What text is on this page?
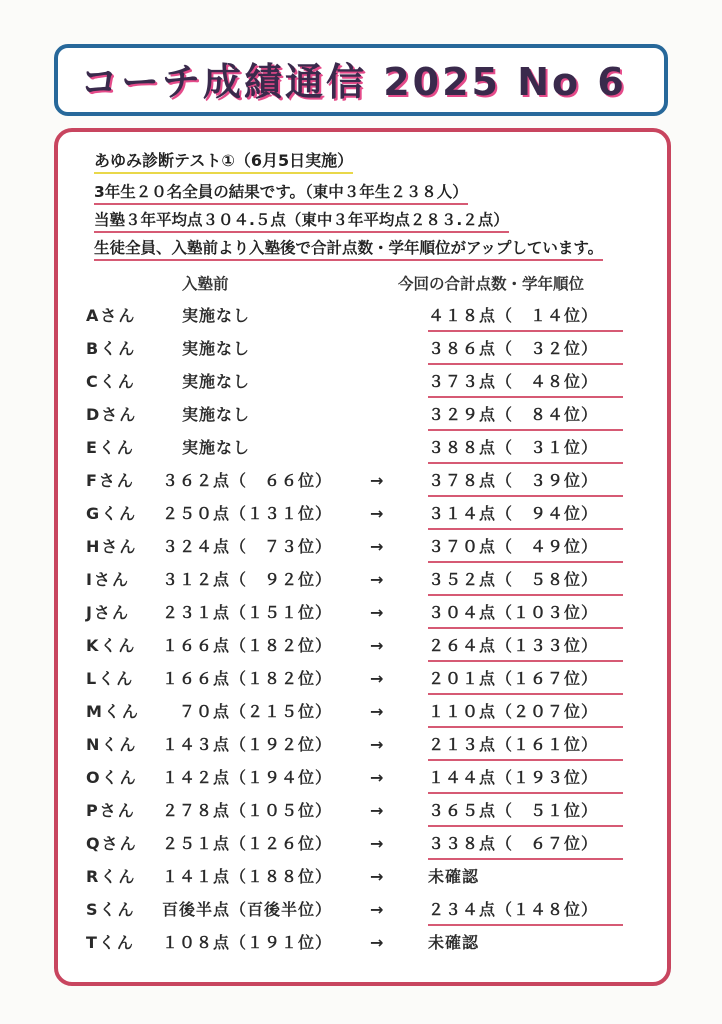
コーチ成績通信 2025 No 6
あゆみ診断テスト①（6月5日実施）
3年生２０名全員の結果です。（東中３年生２３８人）
当塾３年平均点３０４.５点（東中３年平均点２８３.２点）
生徒全員、入塾前より入塾後で合計点数・学年順位がアップしています。
入塾前	今回の合計点数・学年順位
Aさん	実施なし	４１８点（　１４位）
Bくん	実施なし	３８６点（　３２位）
Cくん	実施なし	３７３点（　４８位）
Dさん	実施なし	３２９点（　８４位）
Eくん	実施なし	３８８点（　３１位）
Fさん ３６２点（　６６位） →	３７８点（　３９位）
Gくん ２５０点（１３１位） →	３１４点（　９４位）
Hさん ３２４点（　７３位） →	３７０点（　４９位）
Iさん ３１２点（　９２位） →	３５２点（　５８位）
Jさん ２３１点（１５１位） →	３０４点（１０３位）
Kくん １６６点（１８２位） →	２６４点（１３３位）
Lくん １６６点（１８２位） →	２０１点（１６７位）
Mくん 　７０点（２１５位） →	１１０点（２０７位）
Nくん １４３点（１９２位） →	２１３点（１６１位）
Oくん １４２点（１９４位） →	１４４点（１９３位）
Pさん ２７８点（１０５位） →	３６５点（　５１位）
Qさん ２５１点（１２６位） →	３３８点（　６７位）
Rくん １４１点（１８８位） →	未確認
Sくん 百後半点（百後半位） →	２３４点（１４８位）
Tくん １０８点（１９１位） →	未確認
